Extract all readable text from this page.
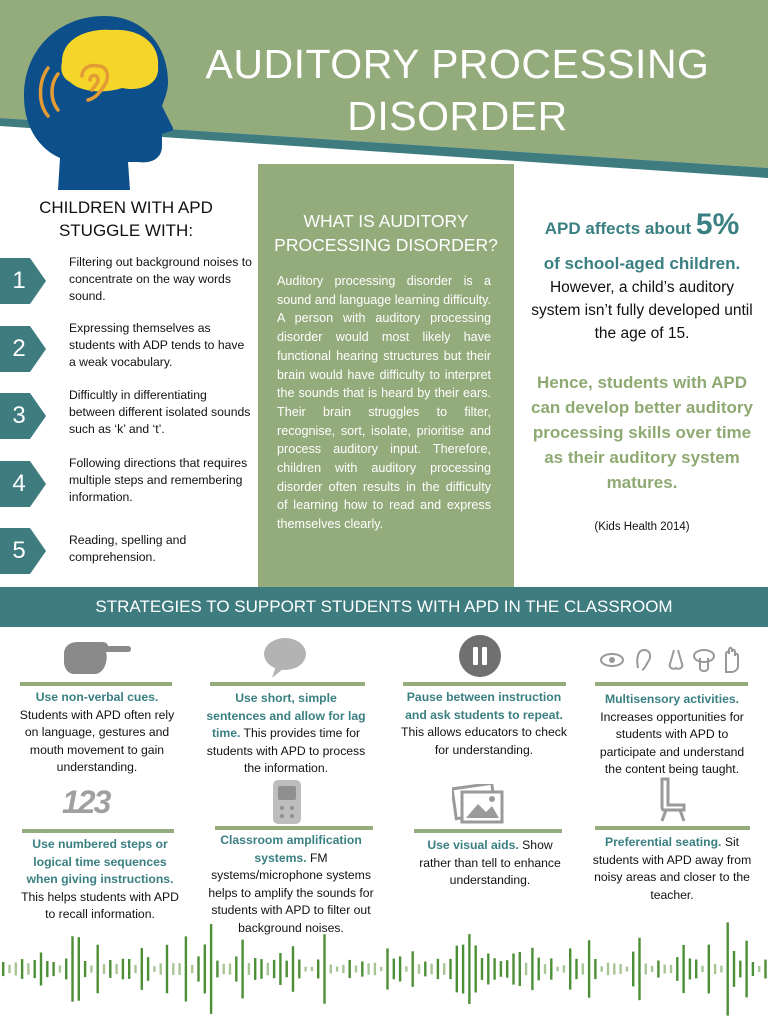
AUDITORY PROCESSING
DISORDER
CHILDREN WITH APD
STUGGLE WITH:
1
Filtering out background noises to concentrate on the way words sound.
2
Expressing themselves as students with ADP tends to have a weak vocabulary.
3
Difficultly in differentiating between different isolated sounds such as ‘k’ and ‘t’.
4
Following directions that requires multiple steps and remembering information.
5	Reading, spelling and comprehension.
WHAT IS AUDITORY
PROCESSING DISORDER?
Auditory processing disorder is a sound and language learning difficulty. A person with auditory processing disorder would most likely have functional hearing structures but their brain would have difficulty to interpret the sounds that is heard by their ears. Their brain struggles to filter, recognise, sort, isolate, prioritise and process auditory input. Therefore, children with auditory processing disorder often results in the difficulty of learning how to read and express themselves clearly.
APD affects about 5%
of school-aged children.
However, a child’s auditory system isn’t fully developed until the age of 15.
Hence, students with APD can develop better auditory processing skills over time as their auditory system matures.
(Kids Health 2014)
STRATEGIES TO SUPPORT STUDENTS WITH APD IN THE CLASSROOM
Use non-verbal cues. Students with APD often rely on language, gestures and mouth movement to gain understanding.
Use short, simple sentences and allow for lag time. This provides time for students with APD to process the information.
Pause between instruction and ask students to repeat. This allows educators to check for understanding.
Multisensory activities. Increases opportunities for students with APD to participate and understand the content being taught.
123
Use numbered steps or logical time sequences when giving instructions. This helps students with APD to recall information.
Classroom amplification systems. FM systems/microphone systems helps to amplify the sounds for students with APD to filter out background noises.
Use visual aids. Show rather than tell to enhance understanding.
Preferential seating. Sit students with APD away from noisy areas and closer to the teacher.
